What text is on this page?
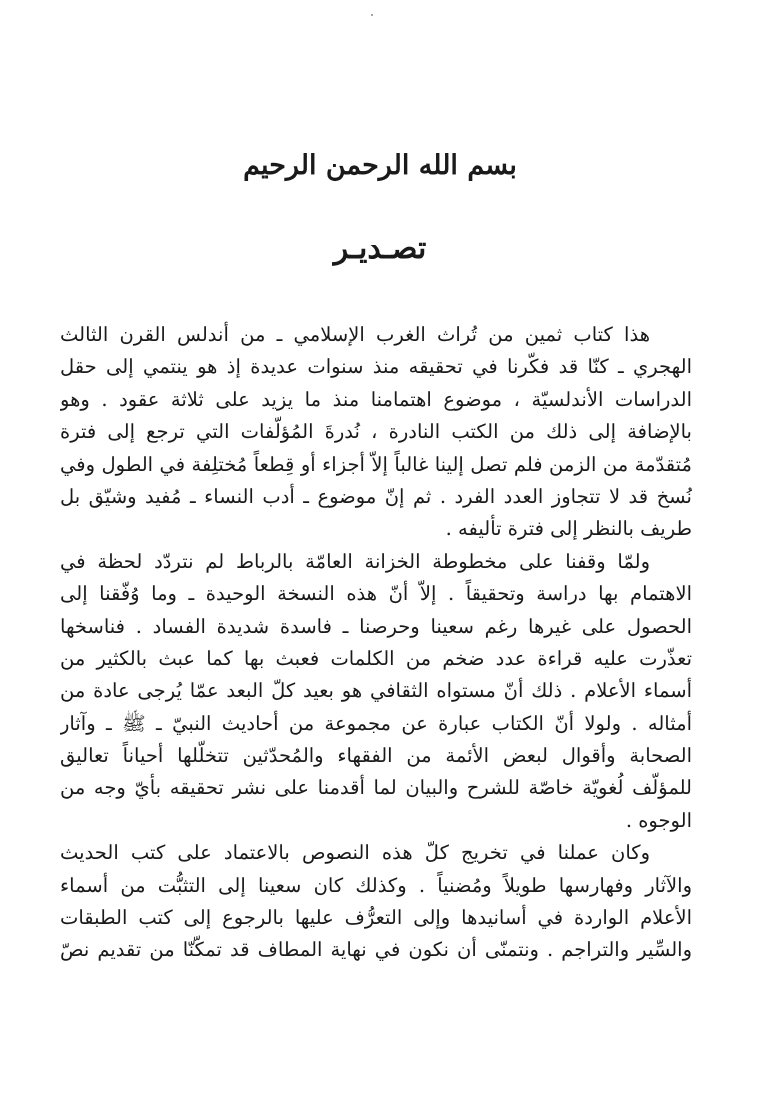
بسم الله الرحمن الرحيم
تصـديـر
هذا كتاب ثمين من تُراث الغرب الإسلامي ـ من أندلس القرن الثالث
الهجري ـ كنّا قد فكّرنا في تحقيقه منذ سنوات عديدة إذ هو ينتمي إلى حقل
الدراسات الأندلسيّة ، موضوع اهتمامنا منذ ما يزيد على ثلاثة عقود . وهو
بالإضافة إلى ذلك من الكتب النادرة ، نُدرةَ المُؤلّفات التي ترجع إلى فترة
مُتقدّمة من الزمن فلم تصل إلينا غالباً إلاّ أجزاء أو قِطعاً مُختلِفة في الطول وفي
نُسخ قد لا تتجاوز العدد الفرد . ثم إنّ موضوع ـ أدب النساء ـ مُفيد وشيّق بل
طريف بالنظر إلى فترة تأليفه .
ولمّا وقفنا على مخطوطة الخزانة العامّة بالرباط لم نتردّد لحظة في
الاهتمام بها دراسة وتحقيقاً . إلاّ أنّ هذه النسخة الوحيدة ـ وما وُفّقنا إلى
الحصول على غيرها رغم سعينا وحرصنا ـ فاسدة شديدة الفساد . فناسخها
تعذّرت عليه قراءة عدد ضخم من الكلمات فعبث بها كما عبث بالكثير من
أسماء الأعلام . ذلك أنّ مستواه الثقافي هو بعيد كلّ البعد عمّا يُرجى عادة من
أمثاله . ولولا أنّ الكتاب عبارة عن مجموعة من أحاديث النبيّ ـ ﷺ ـ وآثار
الصحابة وأقوال لبعض الأئمة من الفقهاء والمُحدّثين تتخلّلها أحياناً تعاليق
للمؤلّف لُغويّة خاصّة للشرح والبيان لما أقدمنا على نشر تحقيقه بأيّ وجه من
الوجوه .
وكان عملنا في تخريج كلّ هذه النصوص بالاعتماد على كتب الحديث
والآثار وفهارسها طويلاً ومُضنياً . وكذلك كان سعينا إلى التثبُّت من أسماء
الأعلام الواردة في أسانيدها وإلى التعرُّف عليها بالرجوع إلى كتب الطبقات
والسِّير والتراجم . ونتمنّى أن نكون في نهاية المطاف قد تمكّنّا من تقديم نصّ
